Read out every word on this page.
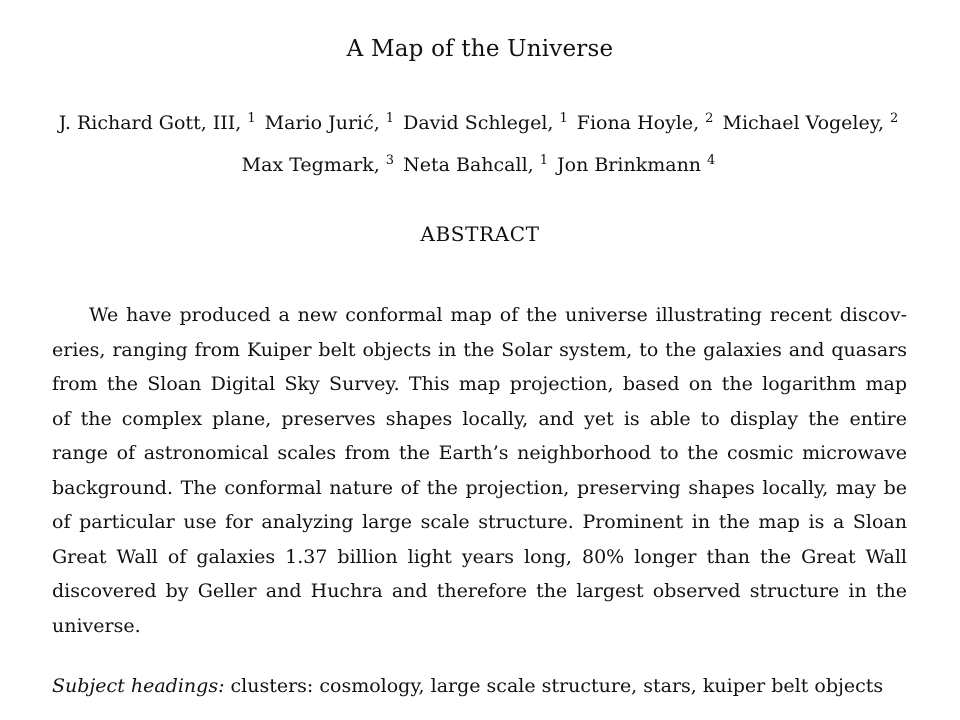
A Map of the Universe
J. Richard Gott, III, $^1$ Mario Jurić, $^1$ David Schlegel, $^1$ Fiona Hoyle, $^2$ Michael Vogeley, $^2$ Max Tegmark, $^3$ Neta Bahcall, $^1$ Jon Brinkmann $^4$
ABSTRACT
We have produced a new conformal map of the universe illustrating recent discov-
eries, ranging from Kuiper belt objects in the Solar system, to the galaxies and quasars
from the Sloan Digital Sky Survey. This map projection, based on the logarithm map
of the complex plane, preserves shapes locally, and yet is able to display the entire
range of astronomical scales from the Earth’s neighborhood to the cosmic microwave
background. The conformal nature of the projection, preserving shapes locally, may be
of particular use for analyzing large scale structure. Prominent in the map is a Sloan
Great Wall of galaxies 1.37 billion light years long, 80% longer than the Great Wall
discovered by Geller and Huchra and therefore the largest observed structure in the
universe.
Subject headings: clusters: cosmology, large scale structure, stars, kuiper belt objects
